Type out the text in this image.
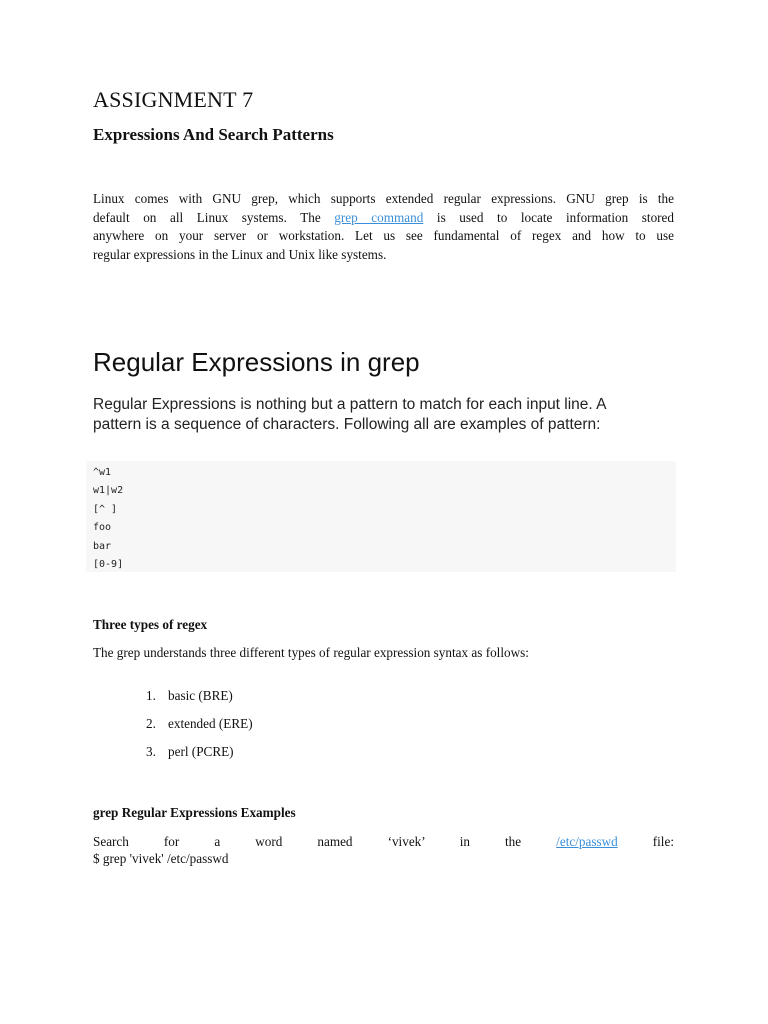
ASSIGNMENT 7
Expressions And Search Patterns

Linux comes with GNU grep, which supports extended regular expressions. GNU grep is the
default on all Linux systems. The grep command is used to locate information stored
anywhere on your server or workstation. Let us see fundamental of regex and how to use
regular expressions in the Linux and Unix like systems.

Regular Expressions in grep

Regular Expressions is nothing but a pattern to match for each input line. A
pattern is a sequence of characters. Following all are examples of pattern:

^w1
w1|w2
[^ ]
foo
bar
[0-9]
Three types of regex

The grep understands three different types of regular expression syntax as follows:

1. basic (BRE)
2. extended (ERE)
3. perl (PCRE)
grep Regular Expressions Examples

Search for a word named ‘vivek’ in the /etc/passwd file:
$ grep 'vivek' /etc/passwd
